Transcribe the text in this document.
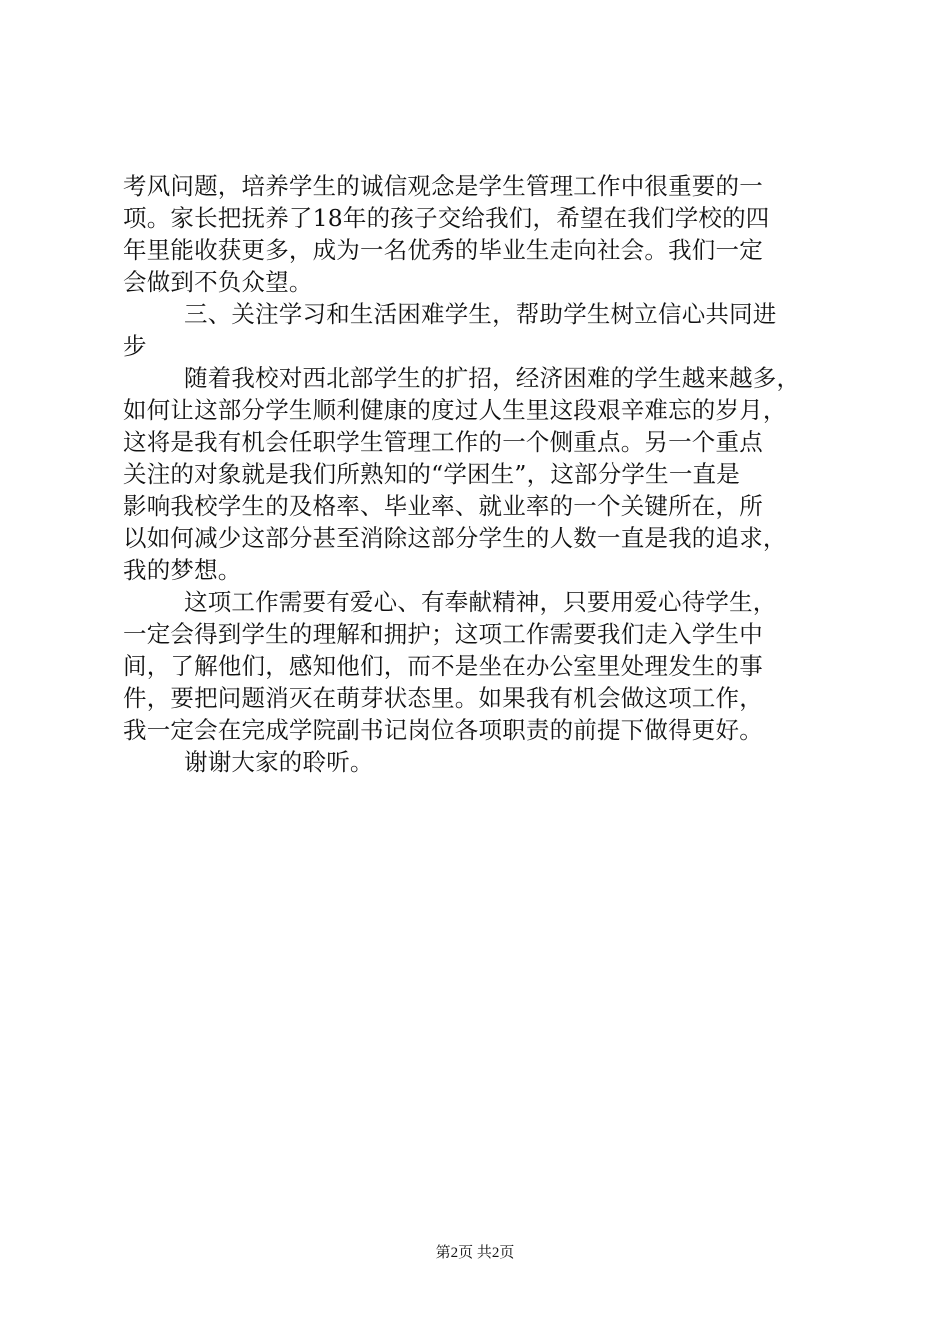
考风问题，培养学生的诚信观念是学生管理工作中很重要的一
项。家长把抚养了18年的孩子交给我们，希望在我们学校的四
年里能收获更多，成为一名优秀的毕业生走向社会。我们一定
会做到不负众望。
三、关注学习和生活困难学生，帮助学生树立信心共同进
步
随着我校对西北部学生的扩招，经济困难的学生越来越多，
如何让这部分学生顺利健康的度过人生里这段艰辛难忘的岁月，
这将是我有机会任职学生管理工作的一个侧重点。另一个重点
关注的对象就是我们所熟知的“学困生”，这部分学生一直是
影响我校学生的及格率、毕业率、就业率的一个关键所在，所
以如何减少这部分甚至消除这部分学生的人数一直是我的追求，
我的梦想。
这项工作需要有爱心、有奉献精神，只要用爱心待学生，
一定会得到学生的理解和拥护；这项工作需要我们走入学生中
间，了解他们，感知他们，而不是坐在办公室里处理发生的事
件，要把问题消灭在萌芽状态里。如果我有机会做这项工作，
我一定会在完成学院副书记岗位各项职责的前提下做得更好。
谢谢大家的聆听。
第2页 共2页
